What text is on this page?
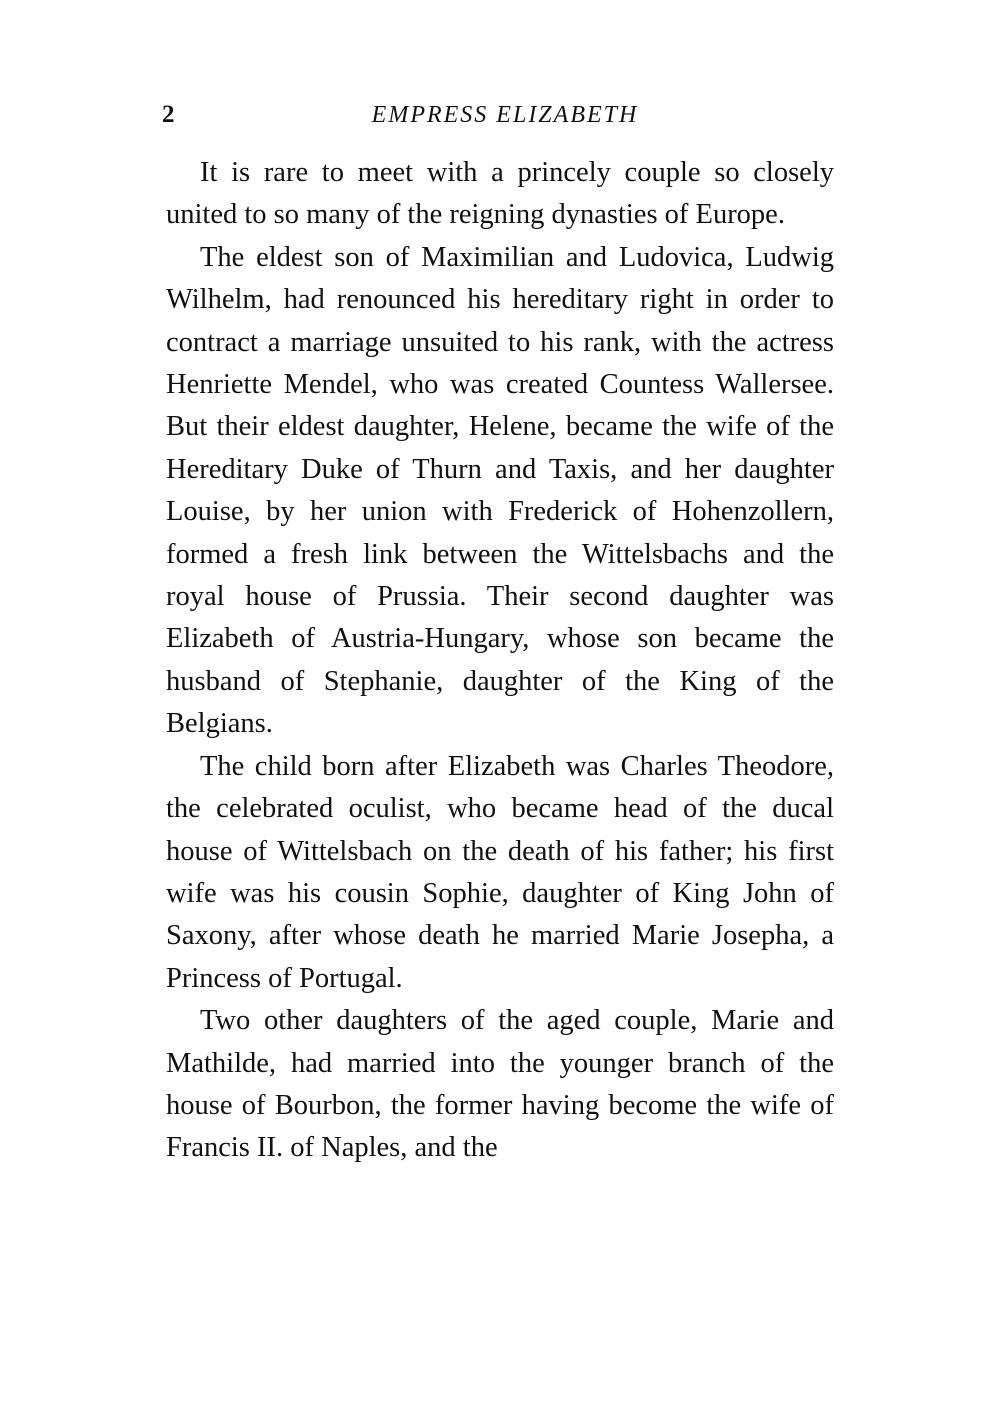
2	EMPRESS ELIZABETH

It is rare to meet with a princely couple so closely united to so many of the reigning dynasties of Europe.

The eldest son of Maximilian and Ludovica, Ludwig Wilhelm, had renounced his hereditary right in order to contract a marriage unsuited to his rank, with the actress Henriette Mendel, who was created Countess Wallersee. But their eldest daughter, Helene, became the wife of the Hereditary Duke of Thurn and Taxis, and her daughter Louise, by her union with Frederick of Hohenzollern, formed a fresh link between the Wittelsbachs and the royal house of Prussia. Their second daughter was Elizabeth of Austria-Hungary, whose son became the husband of Stephanie, daughter of the King of the Belgians.

The child born after Elizabeth was Charles Theodore, the celebrated oculist, who became head of the ducal house of Wittelsbach on the death of his father; his first wife was his cousin Sophie, daughter of King John of Saxony, after whose death he married Marie Josepha, a Princess of Portugal.

Two other daughters of the aged couple, Marie and Mathilde, had married into the younger branch of the house of Bourbon, the former having become the wife of Francis II. of Naples, and the
